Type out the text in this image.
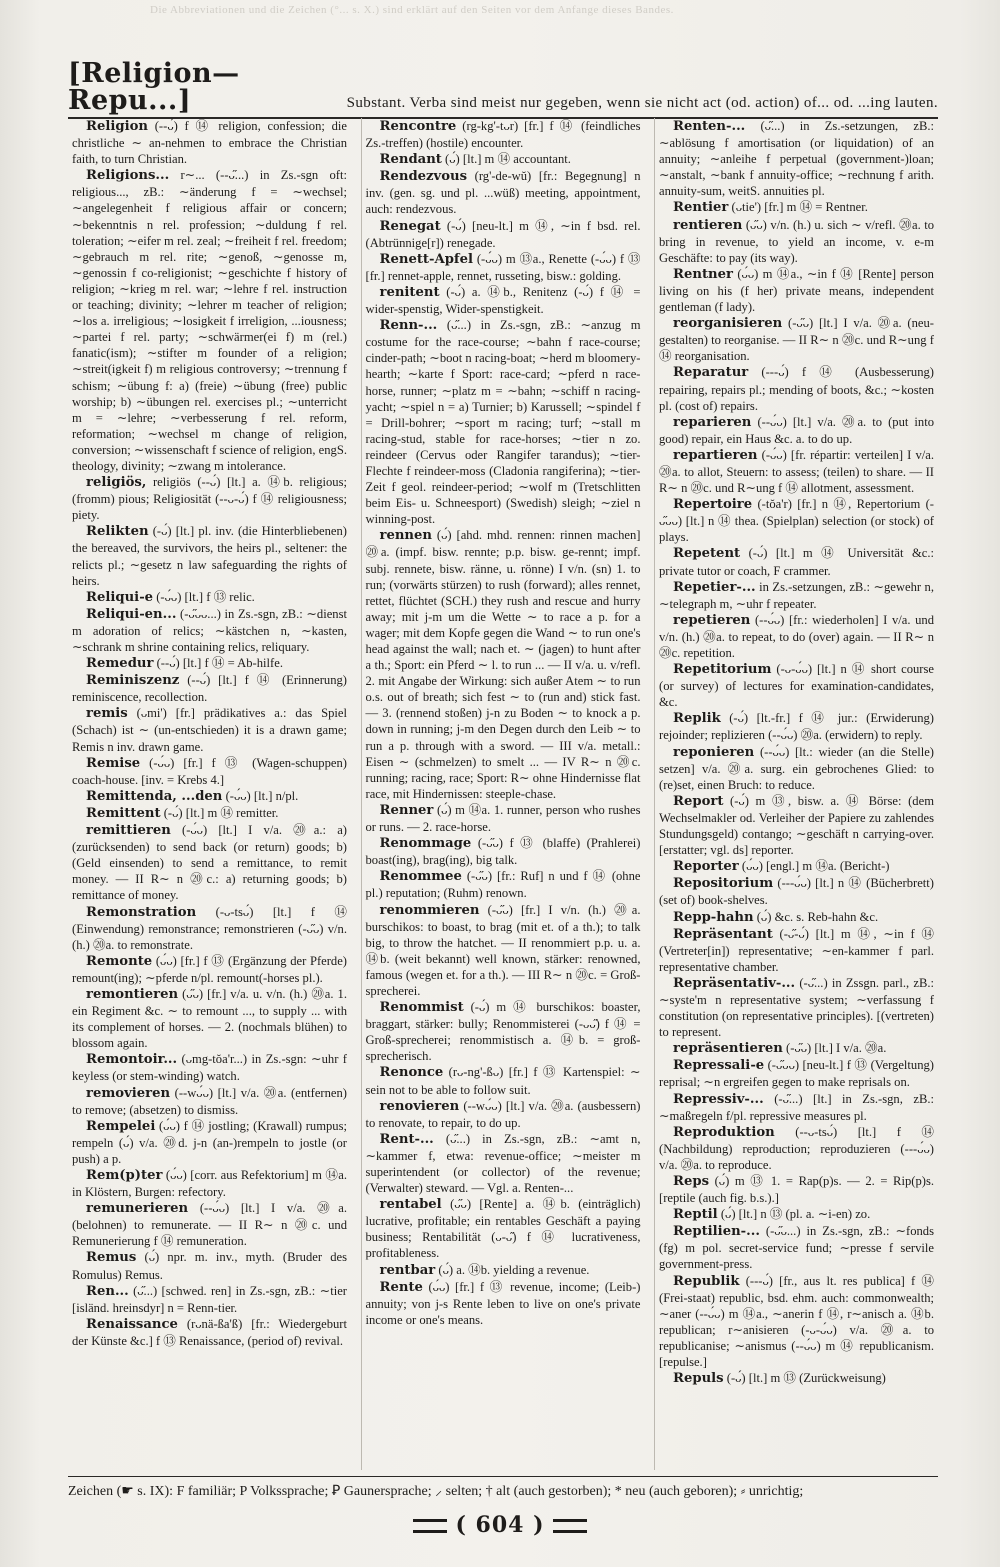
Die Abbreviationen und die Zeichen (°... s. X.) sind erklärt auf den Seiten vor dem Anfange dieses Bandes.
[Religion—Repu...]	Substant. Verba sind meist nur gegeben, wenn sie nicht act (od. action) of... od. ...ing lauten.

Religion (--ᴗ́) f ⑭ religion, confession; die christliche ∼ an-nehmen to embrace the Christian faith, to turn Christian.

Religions... r∼... (--ᴗ̋...) in Zs.-sgn oft: religious..., zB.: ∼änderung f = ∼wechsel; ∼angelegenheit f religious affair or concern; ∼bekenntnis n rel. profession; ∼duldung f rel. toleration; ∼eifer m rel. zeal; ∼freiheit f rel. freedom; ∼gebrauch m rel. rite; ∼genoß, ∼genosse m, ∼genossin f co-religionist; ∼geschichte f history of religion; ∼krieg m rel. war; ∼lehre f rel. instruction or teaching; divinity; ∼lehrer m teacher of religion; ∼los a. irreligious; ∼losigkeit f irreligion, ...iousness; ∼partei f rel. party; ∼schwärmer(ei f) m (rel.) fanatic(ism); ∼stifter m founder of a religion; ∼streit(igkeit f) m religious controversy; ∼trennung f schism; ∼übung f: a) (freie) ∼übung (free) public worship; b) ∼übungen rel. exercises pl.; ∼unterricht m = ∼lehre; ∼verbesserung f rel. reform, reformation; ∼wechsel m change of religion, conversion; ∼wissenschaft f science of religion, engS. theology, divinity; ∼zwang m intolerance.

religiös, religiös (--ᴗ́) [lt.] a. ⑭b. religious; (fromm) pious; Religiosität (--ᴗ-ᴗ́) f ⑭ religiousness; piety.

Relikten (-ᴗ́) [lt.] pl. inv. (die Hinterbliebenen) the bereaved, the survivors, the heirs pl., seltener: the relicts pl.; ∼gesetz n law safeguarding the rights of heirs.

Reliqui-e (-ᴗ́ᴗ) [lt.] f ⑬ relic.

Reliqui-en... (-ᴗ̋ᴗᴗ...) in Zs.-sgn, zB.: ∼dienst m adoration of relics; ∼kästchen n, ∼kasten, ∼schrank m shrine containing relics, reliquary.

Remedur (--ᴗ́) [lt.] f ⑭ = Ab-hilfe.

Reminiszenz (--ᴗ́) [lt.] f ⑭ (Erinnerung) reminiscence, recollection.

remis (ᴗmi') [fr.] prädikatives a.: das Spiel (Schach) ist ∼ (un-entschieden) it is a drawn game; Remis n inv. drawn game.

Remise (-ᴗ́ᴗ) [fr.] f ⑬ (Wagen-schuppen) coach-house. [inv. = Krebs 4.]

Remittenda, ...den (-ᴗ́ᴗ) [lt.] n/pl.

Remittent (-ᴗ́) [lt.] m ⑭ remitter.

remittieren (-ᴗ́ᴗ) [lt.] I v/a. ⑳a.: a) (zurücksenden) to send back (or return) goods; b) (Geld einsenden) to send a remittance, to remit money. — II R∼ n ⑳c.: a) returning goods; b) remittance of money.

Remonstration (-ᴗ-tsᴗ́) [lt.] f ⑭ (Einwendung) remonstrance; remonstrieren (-ᴗ̋ᴗ) v/n. (h.) ⑳a. to remonstrate.

Remonte (ᴗ́ᴗ) [fr.] f ⑬ (Ergänzung der Pferde) remount(ing); ∼pferde n/pl. remount(-horses pl.).

remontieren (ᴗ̋ᴗ) [fr.] v/a. u. v/n. (h.) ⑳a. 1. ein Regiment &c. ∼ to remount ..., to supply ... with its complement of horses. — 2. (nochmals blühen) to blossom again.

Remontoir... (ᴗmg-tŏa'r...) in Zs.-sgn: ∼uhr f keyless (or stem-winding) watch.

removieren (--wᴗ́ᴗ) [lt.] v/a. ⑳a. (entfernen) to remove; (absetzen) to dismiss.

Rempelei (ᴗ́ᴗ) f ⑭ jostling; (Krawall) rumpus; rempeln (ᴗ́) v/a. ⑳d. j-n (an-)rempeln to jostle (or push) a p.

Rem(p)ter (ᴗ́ᴗ) [corr. aus Refektorium] m ⑭a. in Klöstern, Burgen: refectory.

remunerieren (--ᴗ́ᴗ) [lt.] I v/a. ⑳a. (belohnen) to remunerate. — II R∼ n ⑳c. und Remunerierung f ⑭ remuneration.

Remus (ᴗ́) npr. m. inv., myth. (Bruder des Romulus) Remus.

Ren... (ᴗ̋...) [schwed. ren] in Zs.-sgn, zB.: ∼tier [isländ. hreinsdyr] n = Renn-tier.

Renaissance (rᴗnä-ßa'ß) [fr.: Wiedergeburt der Künste &c.] f ⑬ Renaissance, (period of) revival.

Rencontre (rg-kg'-tᴗr) [fr.] f ⑭ (feindliches Zs.-treffen) (hostile) encounter.

Rendant (ᴗ́) [lt.] m ⑭ accountant.

Rendezvous (rg'-de-wŭ) [fr.: Begegnung] n inv. (gen. sg. und pl. ...wüß) meeting, appointment, auch: rendezvous.

Renegat (-ᴗ́) [neu-lt.] m ⑭, ∼in f bsd. rel. (Abtrünnige[r]) renegade.

Renett-Apfel (-ᴗ́ᴗ) m ⑬a., Renette (-ᴗ́ᴗ) f ⑬ [fr.] rennet-apple, rennet, russeting, bisw.: golding.

renitent (-ᴗ́) a. ⑭b., Renitenz (-ᴗ́) f ⑭ = wider-spenstig, Wider-spenstigkeit.

Renn-... (ᴗ̋...) in Zs.-sgn, zB.: ∼anzug m costume for the race-course; ∼bahn f race-course; cinder-path; ∼boot n racing-boat; ∼herd m bloomery-hearth; ∼karte f Sport: race-card; ∼pferd n race-horse, runner; ∼platz m = ∼bahn; ∼schiff n racing-yacht; ∼spiel n = a) Turnier; b) Karussell; ∼spindel f = Drill-bohrer; ∼sport m racing; turf; ∼stall m racing-stud, stable for race-horses; ∼tier n zo. reindeer (Cervus oder Rangifer tarandus); ∼tier-Flechte f reindeer-moss (Cladonia rangiferina); ∼tier-Zeit f geol. reindeer-period; ∼wolf m (Tretschlitten beim Eis- u. Schneesport) (Swedish) sleigh; ∼ziel n winning-post.

rennen (ᴗ́) [ahd. mhd. rennen: rinnen machen] ⑳a. (impf. bisw. rennte; p.p. bisw. ge-rennt; impf. subj. rennete, bisw. ränne, u. rönne) I v/n. (sn) 1. to run; (vorwärts stürzen) to rush (forward); alles rennet, rettet, flüchtet (SCH.) they rush and rescue and hurry away; mit j-m um die Wette ∼ to race a p. for a wager; mit dem Kopfe gegen die Wand ∼ to run one's head against the wall; nach et. ∼ (jagen) to hunt after a th.; Sport: ein Pferd ∼ l. to run ... — II v/a. u. v/refl. 2. mit Angabe der Wirkung: sich außer Atem ∼ to run o.s. out of breath; sich fest ∼ to (run and) stick fast. — 3. (rennend stoßen) j-n zu Boden ∼ to knock a p. down in running; j-m den Degen durch den Leib ∼ to run a p. through with a sword. — III v/a. metall.: Eisen ∼ (schmelzen) to smelt ... — IV R∼ n ⑳c. running; racing, race; Sport: R∼ ohne Hindernisse flat race, mit Hindernissen: steeple-chase.

Renner (ᴗ́) m ⑭a. 1. runner, person who rushes or runs. — 2. race-horse.

Renommage (-ᴗ̋ᴗ) f ⑬ (blaffe) (Prahlerei) boast(ing), brag(ing), big talk.

Renommee (-ᴗ̋ᴗ) [fr.: Ruf] n und f ⑭ (ohne pl.) reputation; (Ruhm) renown.

renommieren (-ᴗ̋ᴗ) [fr.] I v/n. (h.) ⑳a. burschikos: to boast, to brag (mit et. of a th.); to talk big, to throw the hatchet. — II renommiert p.p. u. a. ⑭b. (weit bekannt) well known, stärker: renowned, famous (wegen et. for a th.). — III R∼ n ⑳c. = Groß-sprecherei.

Renommist (-ᴗ́) m ⑭ burschikos: boaster, braggart, stärker: bully; Renommisterei (-ᴗᴗ̋) f ⑭ = Groß-sprecherei; renommistisch a. ⑭b. = groß-sprecherisch.

Renonce (rᴗ-ng'-ßᴗ) [fr.] f ⑬ Kartenspiel: ∼ sein not to be able to follow suit.

renovieren (--wᴗ́ᴗ) [lt.] v/a. ⑳a. (ausbessern) to renovate, to repair, to do up.

Rent-... (ᴗ̋...) in Zs.-sgn, zB.: ∼amt n, ∼kammer f, etwa: revenue-office; ∼meister m superintendent (or collector) of the revenue; (Verwalter) steward. — Vgl. a. Renten-...

rentabel (ᴗ̋ᴗ) [Rente] a. ⑭b. (einträglich) lucrative, profitable; ein rentables Geschäft a paying business; Rentabilität (ᴗ-ᴗ̋) f ⑭ lucrativeness, profitableness.

rentbar (ᴗ́) a. ⑭b. yielding a revenue.

Rente (ᴗ́ᴗ) [fr.] f ⑬ revenue, income; (Leib-) annuity; von j-s Rente leben to live on one's private income or one's means.

Renten-... (ᴗ̋...) in Zs.-setzungen, zB.: ∼ablösung f amortisation (or liquidation) of an annuity; ∼anleihe f perpetual (government-)loan; ∼anstalt, ∼bank f annuity-office; ∼rechnung f arith. annuity-sum, weitS. annuities pl.

Rentier (ᴗtie') [fr.] m ⑭ = Rentner.

rentieren (ᴗ̋ᴗ) v/n. (h.) u. sich ∼ v/refl. ⑳a. to bring in revenue, to yield an income, v. e-m Geschäfte: to pay (its way).

Rentner (ᴗ́ᴗ) m ⑭a., ∼in f ⑭ [Rente] person living on his (f her) private means, independent gentleman (f lady).

reorganisieren (-ᴗ̋ᴗ) [lt.] I v/a. ⑳a. (neu-gestalten) to reorganise. — II R∼ n ⑳c. und R∼ung f ⑭ reorganisation.

Reparatur (---ᴗ́) f ⑭ (Ausbesserung) repairing, repairs pl.; mending of boots, &c.; ∼kosten pl. (cost of) repairs.

reparieren (--ᴗ́ᴗ) [lt.] v/a. ⑳a. to (put into good) repair, ein Haus &c. a. to do up.

repartieren (-ᴗ́ᴗ) [fr. répartir: verteilen] I v/a. ⑳a. to allot, Steuern: to assess; (teilen) to share. — II R∼ n ⑳c. und R∼ung f ⑭ allotment, assessment.

Repertoire (-tŏa'r) [fr.] n ⑭, Repertorium (-ᴗ̋ᴗᴗ) [lt.] n ⑭ thea. (Spielplan) selection (or stock) of plays.

Repetent (-ᴗ́) [lt.] m ⑭ Universität &c.: private tutor or coach, F crammer.

Repetier-... in Zs.-setzungen, zB.: ∼gewehr n, ∼telegraph m, ∼uhr f repeater.

repetieren (--ᴗ́ᴗ) [fr.: wiederholen] I v/a. und v/n. (h.) ⑳a. to repeat, to do (over) again. — II R∼ n ⑳c. repetition.

Repetitorium (-ᴗ-ᴗ́ᴗ) [lt.] n ⑭ short course (or survey) of lectures for examination-candidates, &c.

Replik (-ᴗ́) [lt.-fr.] f ⑭ jur.: (Erwiderung) rejoinder; replizieren (--ᴗ́ᴗ) ⑳a. (erwidern) to reply.

reponieren (--ᴗ́ᴗ) [lt.: wieder (an die Stelle) setzen] v/a. ⑳a. surg. ein gebrochenes Glied: to (re)set, einen Bruch: to reduce.

Report (-ᴗ́) m ⑬, bisw. a. ⑭ Börse: (dem Wechselmakler od. Verleiher der Papiere zu zahlendes Stundungsgeld) contango; ∼geschäft n carrying-over. [erstatter; vgl. ds] reporter.

Reporter (ᴗ́ᴗ) [engl.] m ⑭a. (Bericht-)

Repositorium (---ᴗ́ᴗ) [lt.] n ⑭ (Bücherbrett) (set of) book-shelves.

Repp-hahn (ᴗ́) &c. s. Reb-hahn &c.

Repräsentant (-ᴗ̋-ᴗ́) [lt.] m ⑭, ∼in f ⑭ (Vertreter[in]) representative; ∼en-kammer f parl. representative chamber.

Repräsentativ-... (-ᴗ̋...) in Zssgn. parl., zB.: ∼syste'm n representative system; ∼verfassung f constitution (on representative principles). [(vertreten) to represent.

repräsentieren (-ᴗ̋ᴗ) [lt.] I v/a. ⑳a.

Repressali-e (-ᴗ̋ᴗᴗ) [neu-lt.] f ⑬ (Vergeltung) reprisal; ∼n ergreifen gegen to make reprisals on.

Repressiv-... (-ᴗ̋...) [lt.] in Zs.-sgn, zB.: ∼maßregeln f/pl. repressive measures pl.

Reproduktion (--ᴗ-tsᴗ́) [lt.] f ⑭ (Nachbildung) reproduction; reproduzieren (---ᴗ́ᴗ) v/a. ⑳a. to reproduce.

Reps (ᴗ́) m ⑬ 1. = Rap(p)s. — 2. = Rip(p)s. [reptile (auch fig. b.s.).]

Reptil (ᴗ́) [lt.] n ⑬ (pl. a. ∼i-en) zo.

Reptilien-... (-ᴗ̋ᴗ...) in Zs.-sgn, zB.: ∼fonds (fg) m pol. secret-service fund; ∼presse f servile government-press.

Republik (---ᴗ́) [fr., aus lt. res publica] f ⑭ (Frei-staat) republic, bsd. ehm. auch: commonwealth; ∼aner (--ᴗ́ᴗ) m ⑭a., ∼anerin f ⑭, r∼anisch a. ⑭b. republican; r∼anisieren (-ᴗ-ᴗ́ᴗ) v/a. ⑳a. to republicanise; ∼anismus (--ᴗ́ᴗ) m ⑭ republicanism. [repulse.]

Repuls (-ᴗ́) [lt.] m ⑬ (Zurückweisung)

Zeichen (☛ s. IX): F familiär; P Volkssprache; Ꝑ Gaunersprache; ⸝ selten; † alt (auch gestorben); * neu (auch geboren); ⸗ unrichtig;
( 604 )
